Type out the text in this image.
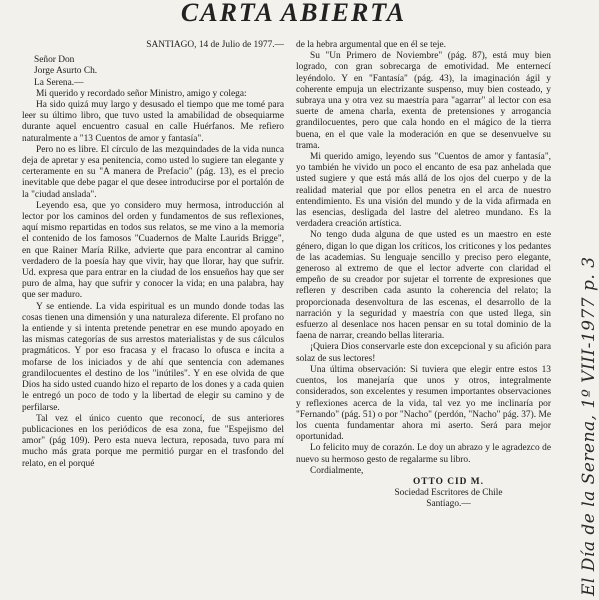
CARTA ABIERTA

SANTIAGO, 14 de Julio de 1977.—

Señor Don

Jorge Asurto Ch.

La Serena.—

Mi querido y recordado señor Ministro, amigo y colega:

Ha sido quizá muy largo y desusado el tiempo que me tomé para leer su último libro, que tuvo usted la amabilidad de obsequiarme durante aquel encuentro casual en calle Huérfanos. Me refiero naturalmente a "13 Cuentos de amor y fantasía".

Pero no es libre. El círculo de las mezquindades de la vida nunca deja de apretar y esa penitencia, como usted lo sugiere tan elegante y certeramente en su "A manera de Prefacio" (pág. 13), es el precio inevitable que debe pagar el que desee introducirse por el portalón de la "ciudad anslada".

Leyendo esa, que yo considero muy hermosa, introducción al lector por los caminos del orden y fundamentos de sus reflexiones, aquí mismo repartidas en todos sus relatos, se me vino a la memoria el contenido de los famosos "Cuadernos de Malte Laurids Brigge", en que Rainer María Rilke, advierte que para encontrar al camino verdadero de la poesía hay que vivir, hay que llorar, hay que sufrir. Ud. expresa que para entrar en la ciudad de los ensueños hay que ser puro de alma, hay que sufrir y conocer la vida; en una palabra, hay que ser maduro.

Y se entiende. La vida espiritual es un mundo donde todas las cosas tienen una dimensión y una naturaleza diferente. El profano no la entiende y si intenta pretende penetrar en ese mundo apoyado en las mismas categorías de sus arrestos materialistas y de sus cálculos pragmáticos. Y por eso fracasa y el fracaso lo ofusca e incita a mofarse de los iniciados y de ahí que sentencia con ademanes grandilocuentes el destino de los "inútiles". Y en ese olvida de que Dios ha sido usted cuando hizo el reparto de los dones y a cada quien le entregó un poco de todo y la libertad de elegir su camino y de perfilarse.

Tal vez el único cuento que reconocí, de sus anteriores publicaciones en los periódicos de esa zona, fue "Espejismo del amor" (pág 109). Pero esta nueva lectura, reposada, tuvo para mí mucho más grata porque me permitió purgar en el trasfondo del relato, en el porqué

de la hebra argumental que en él se teje.

Su "Un Primero de Noviembre" (pág. 87), está muy bien logrado, con gran sobrecarga de emotividad. Me enternecí leyéndolo. Y en "Fantasía" (pág. 43), la imaginación ágil y coherente empuja un electrizante suspenso, muy bien costeado, y subraya una y otra vez su maestría para "agarrar" al lector con esa suerte de amena charla, exenta de pretensiones y arrogancia grandilocuentes, pero que cala hondo en el mágico de la tierra buena, en el que vale la moderación en que se desenvuelve su trama.

Mi querido amigo, leyendo sus "Cuentos de amor y fantasía", yo también he vivido un poco el encanto de esa paz anhelada que usted sugiere y que está más allá de los ojos del cuerpo y de la realidad material que por ellos penetra en el arca de nuestro entendimiento. Es una visión del mundo y de la vida afirmada en las esencias, desligada del lastre del aletreo mundano. Es la verdadera creación artística.

No tengo duda alguna de que usted es un maestro en este género, digan lo que digan los críticos, los criticones y los pedantes de las academias. Su lenguaje sencillo y preciso pero elegante, generoso al extremo de que el lector adverte con claridad el empeño de su creador por sujetar el torrente de expresiones que refleren y describen cada asunto la coherencia del relato; la proporcionada desenvoltura de las escenas, el desarrollo de la narración y la seguridad y maestría con que usted llega, sin esfuerzo al desenlace nos hacen pensar en su total dominio de la faena de narrar, creando bellas literaria.

¡Quiera Dios conservarle este don excepcional y su afición para solaz de sus lectores!

Una última observación: Si tuviera que elegir entre estos 13 cuentos, los manejaría que unos y otros, integralmente considerados, son excelentes y resumen importantes observaciones y reflexiones acerca de la vida, tal vez yo me inclinaría por "Fernando" (pág. 51) o por "Nacho" (perdón, "Nacho" pág. 37). Me los cuenta fundamentar ahora mi aserto. Será para mejor oportunidad.

Lo felicito muy de corazón. Le doy un abrazo y le agradezco de nuevo su hermoso gesto de regalarme su libro.

Cordialmente,

OTTO CID M.

Sociedad Escritores de Chile

Santiago.—	El Día de la Serena, 1º VIII-1977 p. 3
